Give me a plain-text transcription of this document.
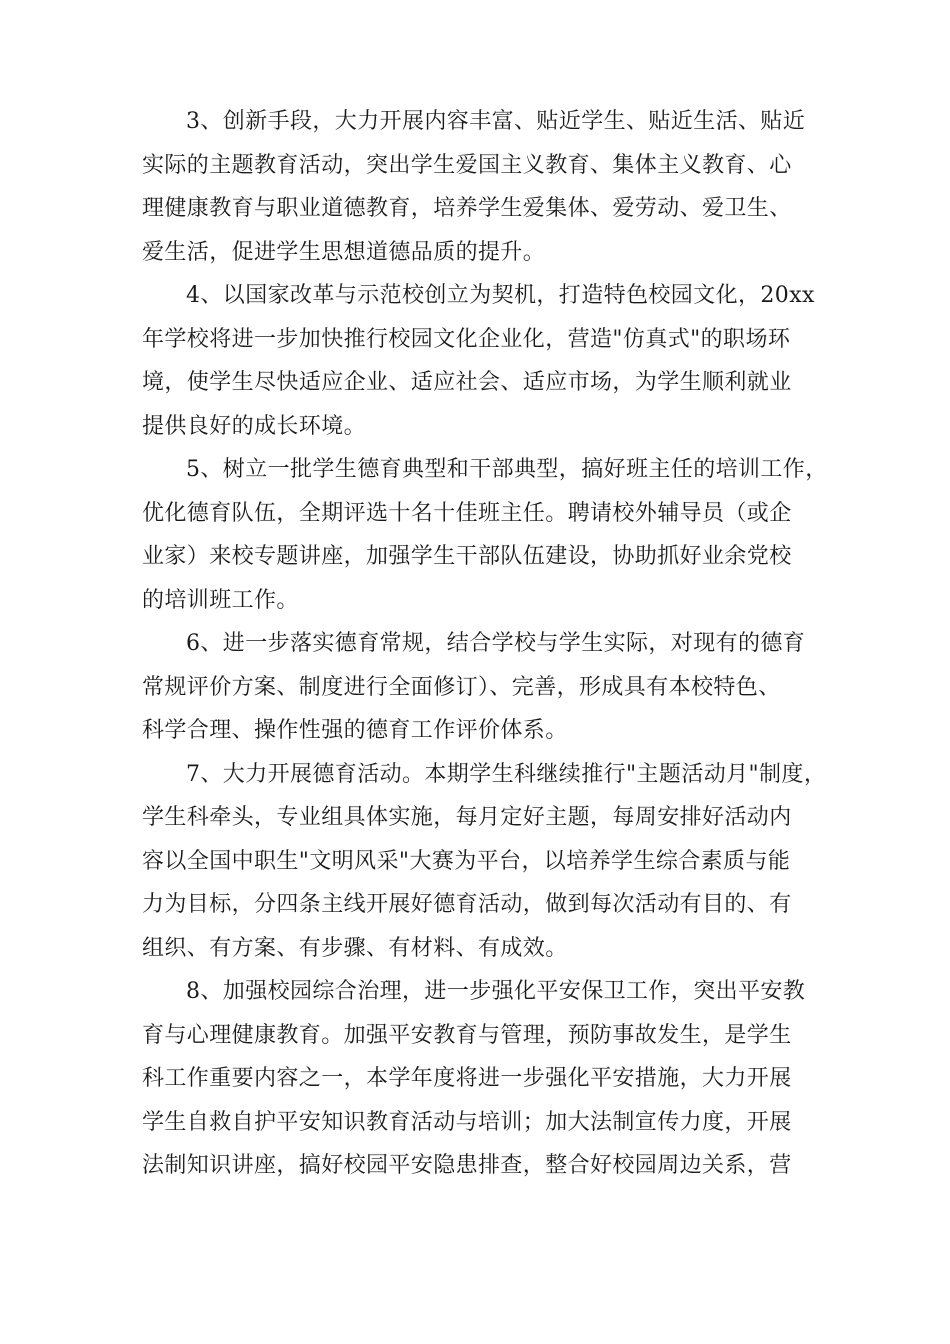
3、创新手段，大力开展内容丰富、贴近学生、贴近生活、贴近
实际的主题教育活动，突出学生爱国主义教育、集体主义教育、心
理健康教育与职业道德教育，培养学生爱集体、爱劳动、爱卫生、
爱生活，促进学生思想道德品质的提升。
4、以国家改革与示范校创立为契机，打造特色校园文化，20xx
年学校将进一步加快推行校园文化企业化，营造"仿真式"的职场环
境，使学生尽快适应企业、适应社会、适应市场，为学生顺利就业
提供良好的成长环境。
5、树立一批学生德育典型和干部典型，搞好班主任的培训工作，
优化德育队伍，全期评选十名十佳班主任。聘请校外辅导员（或企
业家）来校专题讲座，加强学生干部队伍建设，协助抓好业余党校
的培训班工作。
6、进一步落实德育常规，结合学校与学生实际，对现有的德育
常规评价方案、制度进行全面修订）、完善，形成具有本校特色、
科学合理、操作性强的德育工作评价体系。
7、大力开展德育活动。本期学生科继续推行"主题活动月"制度，
学生科牵头，专业组具体实施，每月定好主题，每周安排好活动内
容以全国中职生"文明风采"大赛为平台，以培养学生综合素质与能
力为目标，分四条主线开展好德育活动，做到每次活动有目的、有
组织、有方案、有步骤、有材料、有成效。
8、加强校园综合治理，进一步强化平安保卫工作，突出平安教
育与心理健康教育。加强平安教育与管理，预防事故发生，是学生
科工作重要内容之一，本学年度将进一步强化平安措施，大力开展
学生自救自护平安知识教育活动与培训；加大法制宣传力度，开展
法制知识讲座，搞好校园平安隐患排查，整合好校园周边关系，营
